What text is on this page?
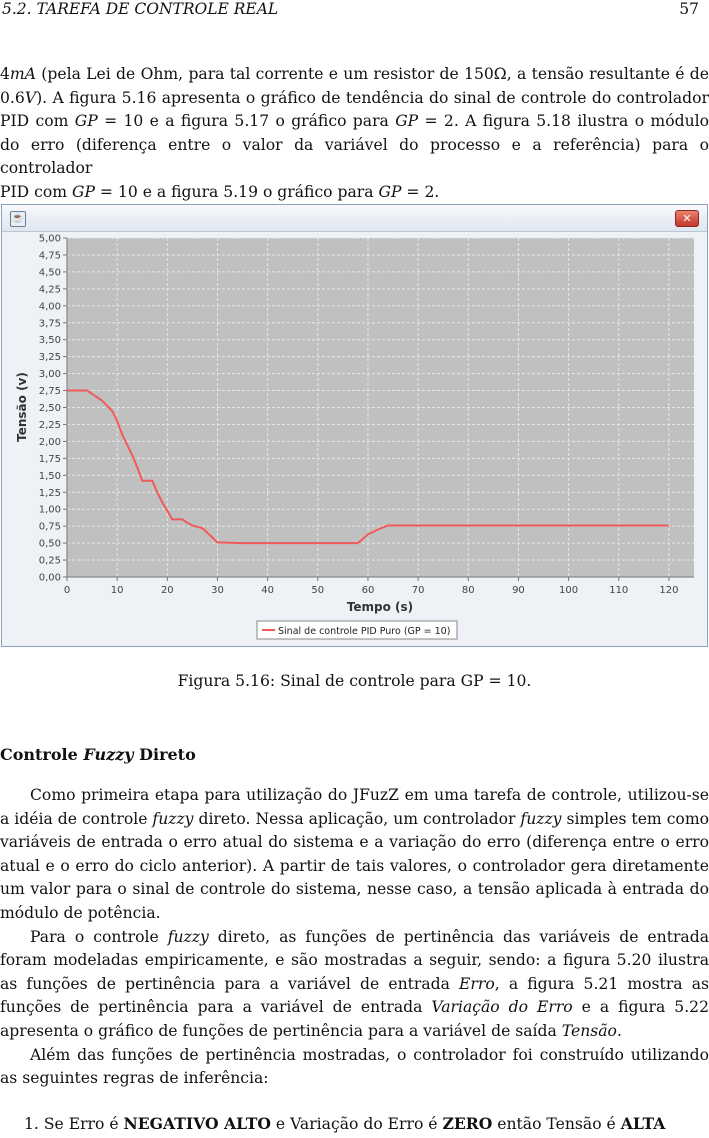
5.2. TAREFA DE CONTROLE REAL	57

4mA (pela Lei de Ohm, para tal corrente e um resistor de 150Ω, a tensão resultante é de

0.6V). A figura 5.16 apresenta o gráfico de tendência do sinal de controle do controlador

PID com GP = 10 e a figura 5.17 o gráfico para GP = 2. A figura 5.18 ilustra o módulo

do erro (diferença entre o valor da variável do processo e a referência) para o controlador

PID com GP = 10 e a figura 5.19 o gráfico para GP = 2.

☕	✕
0,00
0,25
0,50
0,75
1,00
1,25
1,50
1,75
2,00
2,25
2,50
2,75
3,00
3,25
3,50
3,75
4,00
4,25
4,50
4,75
5,00
0	10	20	30	40	50	60	70	80	90	100	110	120
Tempo (s)
Tensão (v)
Sinal de controle PID Puro (GP = 10)
Figura 5.16: Sinal de controle para GP = 10.
Controle Fuzzy Direto

Como primeira etapa para utilização do JFuzZ em uma tarefa de controle, utilizou-se a idéia de controle fuzzy direto. Nessa aplicação, um controlador fuzzy simples tem como variáveis de entrada o erro atual do sistema e a variação do erro (diferença entre o erro atual e o erro do ciclo anterior). A partir de tais valores, o controlador gera diretamente um valor para o sinal de controle do sistema, nesse caso, a tensão aplicada à entrada do módulo de potência.

Para o controle fuzzy direto, as funções de pertinência das variáveis de entrada foram modeladas empiricamente, e são mostradas a seguir, sendo: a figura 5.20 ilustra as funções de pertinência para a variável de entrada Erro, a figura 5.21 mostra as funções de pertinência para a variável de entrada Variação do Erro e a figura 5.22 apresenta o gráfico de funções de pertinência para a variável de saída Tensão.

Além das funções de pertinência mostradas, o controlador foi construído utilizando as seguintes regras de inferência:

1. Se Erro é NEGATIVO ALTO e Variação do Erro é ZERO então Tensão é ALTA
